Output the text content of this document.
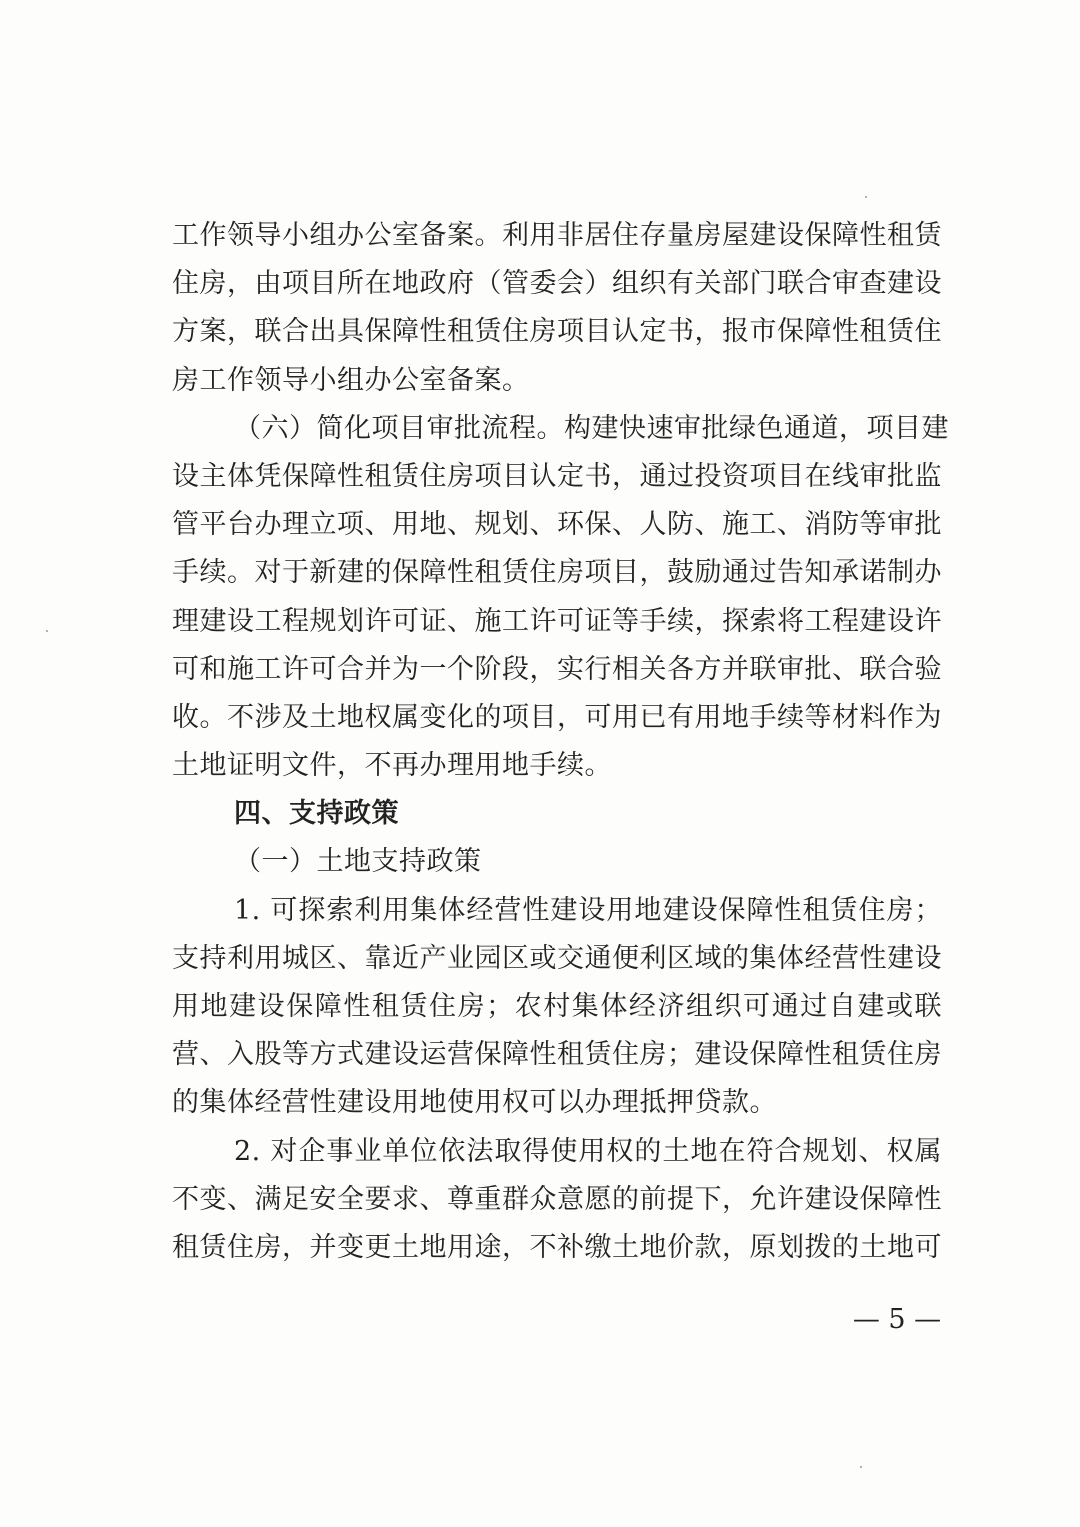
工作领导小组办公室备案。利用非居住存量房屋建设保障性租赁
住房，由项目所在地政府（管委会）组织有关部门联合审查建设
方案，联合出具保障性租赁住房项目认定书，报市保障性租赁住
房工作领导小组办公室备案。
（六）简化项目审批流程。构建快速审批绿色通道，项目建
设主体凭保障性租赁住房项目认定书，通过投资项目在线审批监
管平台办理立项、用地、规划、环保、人防、施工、消防等审批
手续。对于新建的保障性租赁住房项目，鼓励通过告知承诺制办
理建设工程规划许可证、施工许可证等手续，探索将工程建设许
可和施工许可合并为一个阶段，实行相关各方并联审批、联合验
收。不涉及土地权属变化的项目，可用已有用地手续等材料作为
土地证明文件，不再办理用地手续。
四、支持政策
（一）土地支持政策
1. 可探索利用集体经营性建设用地建设保障性租赁住房；
支持利用城区、靠近产业园区或交通便利区域的集体经营性建设
用地建设保障性租赁住房；农村集体经济组织可通过自建或联
营、入股等方式建设运营保障性租赁住房；建设保障性租赁住房
的集体经营性建设用地使用权可以办理抵押贷款。
2. 对企事业单位依法取得使用权的土地在符合规划、权属
不变、满足安全要求、尊重群众意愿的前提下，允许建设保障性
租赁住房，并变更土地用途，不补缴土地价款，原划拨的土地可
— 5 —
